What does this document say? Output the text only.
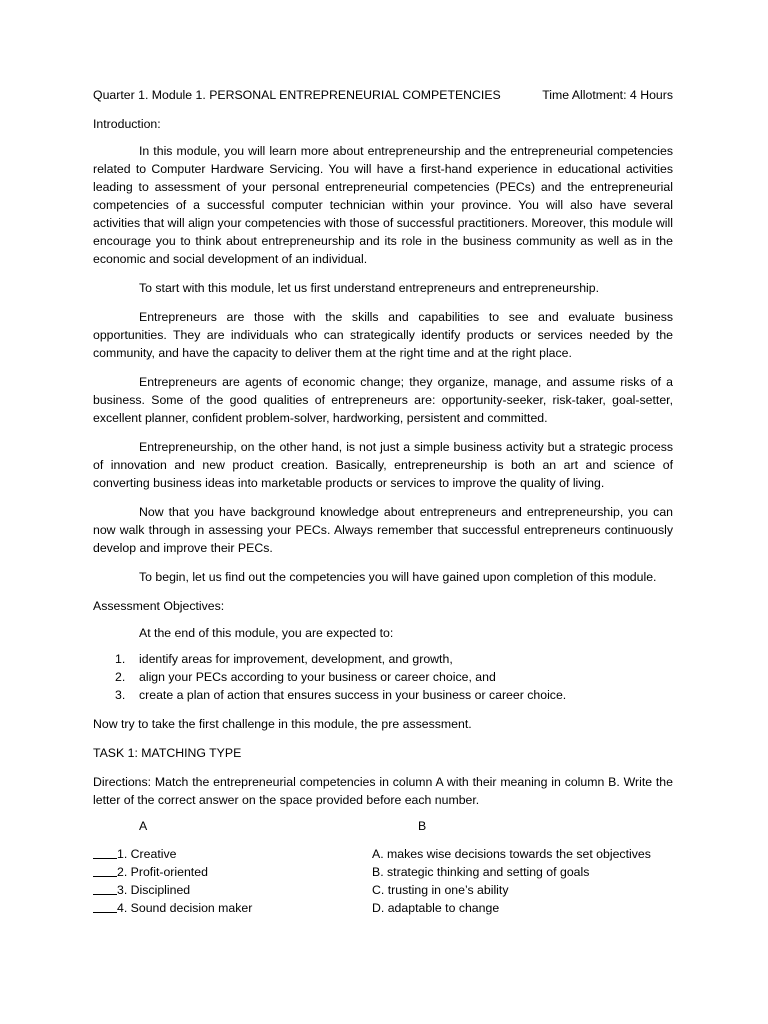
Quarter 1. Module 1. PERSONAL ENTREPRENEURIAL COMPETENCIES	Time Allotment: 4 Hours

Introduction:

In this module, you will learn more about entrepreneurship and the entrepreneurial competencies related to Computer Hardware Servicing. You will have a first-hand experience in educational activities leading to assessment of your personal entrepreneurial competencies (PECs) and the entrepreneurial competencies of a successful computer technician within your province. You will also have several activities that will align your competencies with those of successful practitioners. Moreover, this module will encourage you to think about entrepreneurship and its role in the business community as well as in the economic and social development of an individual.

To start with this module, let us first understand entrepreneurs and entrepreneurship.

Entrepreneurs are those with the skills and capabilities to see and evaluate business opportunities. They are individuals who can strategically identify products or services needed by the community, and have the capacity to deliver them at the right time and at the right place.

Entrepreneurs are agents of economic change; they organize, manage, and assume risks of a business. Some of the good qualities of entrepreneurs are: opportunity-seeker, risk-taker, goal-setter, excellent planner, confident problem-solver, hardworking, persistent and committed.

Entrepreneurship, on the other hand, is not just a simple business activity but a strategic process of innovation and new product creation. Basically, entrepreneurship is both an art and science of converting business ideas into marketable products or services to improve the quality of living.

Now that you have background knowledge about entrepreneurs and entrepreneurship, you can now walk through in assessing your PECs. Always remember that successful entrepreneurs continuously develop and improve their PECs.

To begin, let us find out the competencies you will have gained upon completion of this module.

Assessment Objectives:

At the end of this module, you are expected to:

1.	identify areas for improvement, development, and growth,
2.	align your PECs according to your business or career choice, and
3.	create a plan of action that ensures success in your business or career choice.

Now try to take the first challenge in this module, the pre assessment.

TASK 1: MATCHING TYPE

Directions: Match the entrepreneurial competencies in column A with their meaning in column B. Write the letter of the correct answer on the space provided before each number.

A	B
1. Creative	A. makes wise decisions towards the set objectives
2. Profit-oriented	B. strategic thinking and setting of goals
3. Disciplined	C. trusting in one’s ability
4. Sound decision maker	D. adaptable to change
